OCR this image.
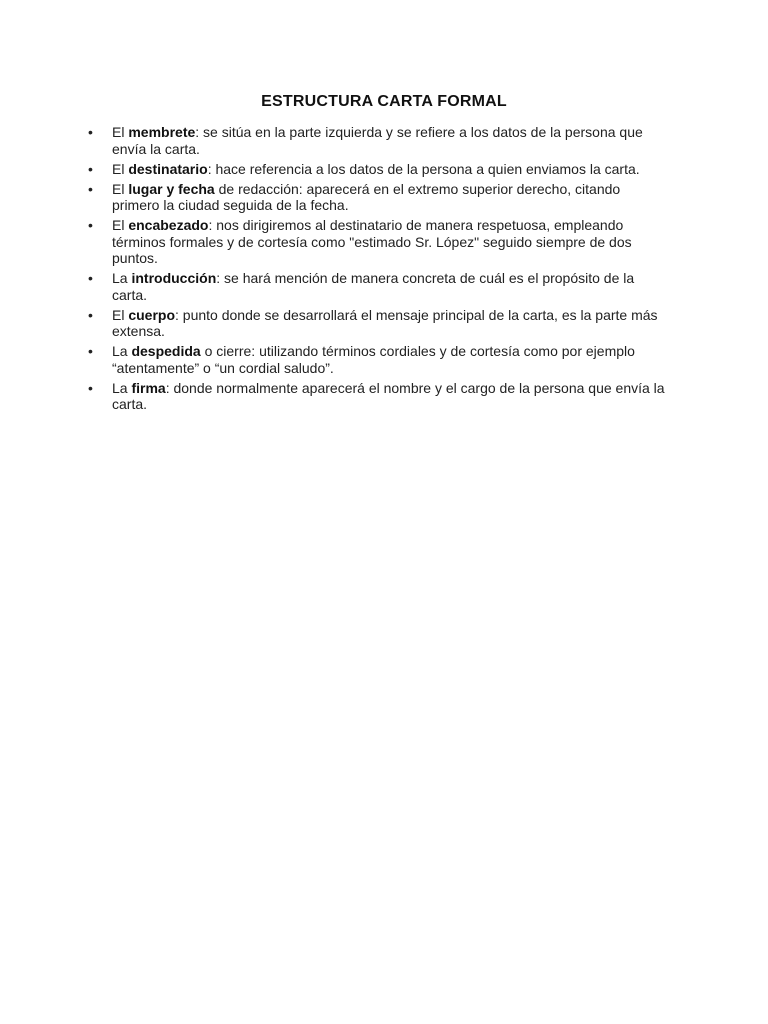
ESTRUCTURA CARTA FORMAL
• El membrete: se sitúa en la parte izquierda y se refiere a los datos de la persona que envía la carta.
• El destinatario: hace referencia a los datos de la persona a quien enviamos la carta.
• El lugar y fecha de redacción: aparecerá en el extremo superior derecho, citando primero la ciudad seguida de la fecha.
• El encabezado: nos dirigiremos al destinatario de manera respetuosa, empleando términos formales y de cortesía como "estimado Sr. López" seguido siempre de dos puntos.
• La introducción: se hará mención de manera concreta de cuál es el propósito de la carta.
• El cuerpo: punto donde se desarrollará el mensaje principal de la carta, es la parte más extensa.
• La despedida o cierre: utilizando términos cordiales y de cortesía como por ejemplo “atentamente” o “un cordial saludo”.
• La firma: donde normalmente aparecerá el nombre y el cargo de la persona que envía la carta.
